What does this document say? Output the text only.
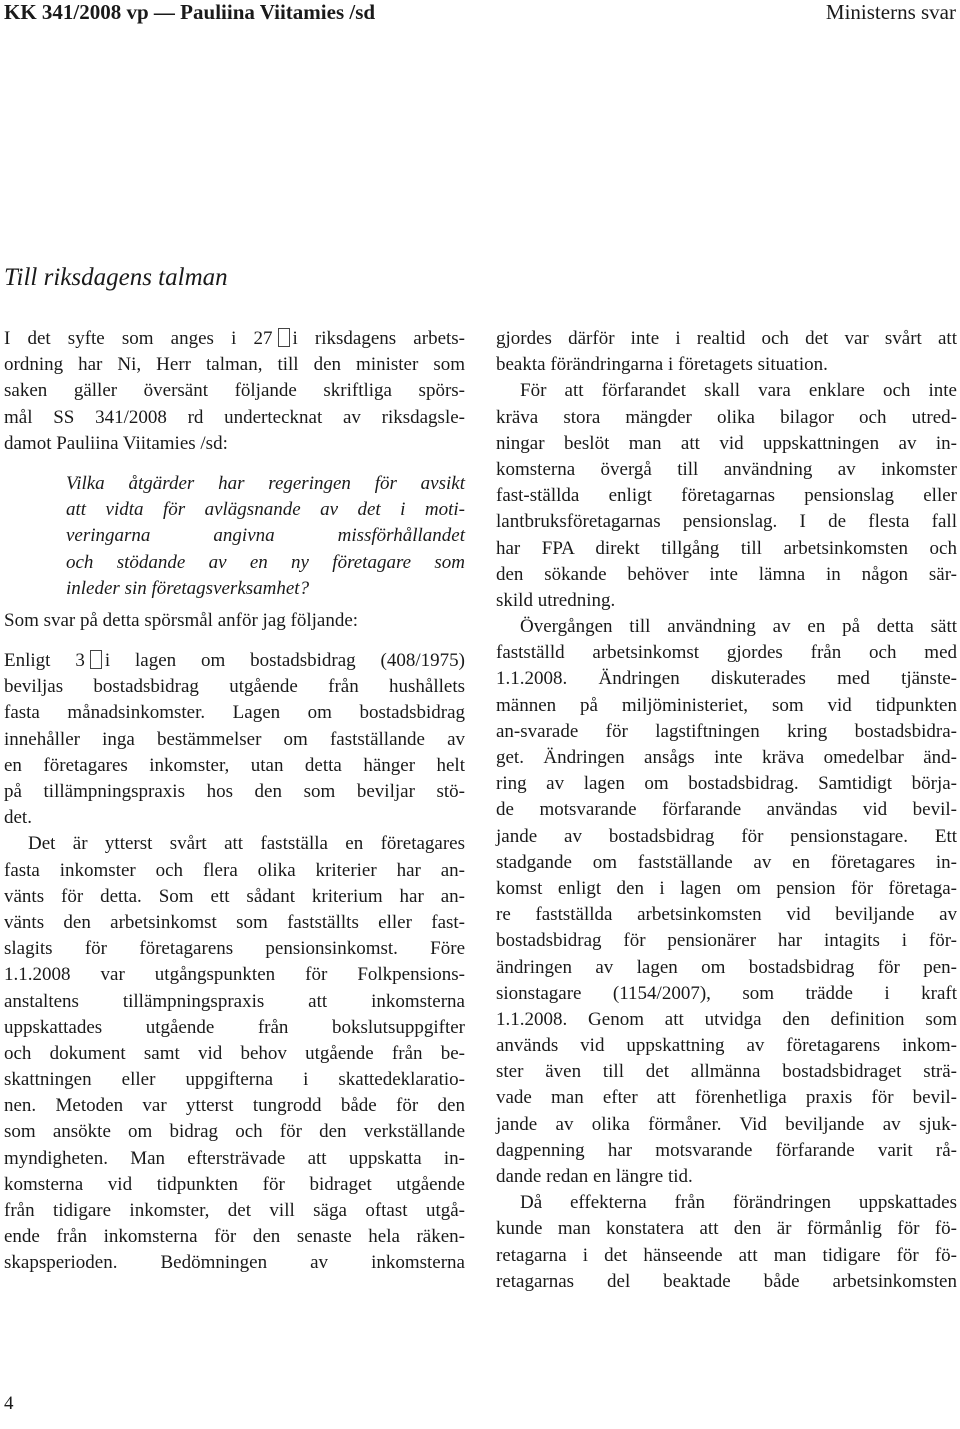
KK 341/2008 vp — Pauliina Viitamies /sd	Ministerns svar
Till riksdagens talman
I det syfte som anges i 27 i riksdagens arbets-
ordning har Ni, Herr talman, till den minister som
saken gäller översänt följande skriftliga spörs-
mål SS 341/2008 rd undertecknat av riksdagsle-
damot Pauliina Viitamies /sd:
Vilka åtgärder har regeringen för avsikt
att vidta för avlägsnande av det i moti-
veringarna angivna missförhållandet
och stödande av en ny företagare som
inleder sin företagsverksamhet?
Som svar på detta spörsmål anför jag följande:
Enligt 3 i lagen om bostadsbidrag (408/1975)
beviljas bostadsbidrag utgående från hushållets
fasta månadsinkomster. Lagen om bostadsbidrag
innehåller inga bestämmelser om fastställande av
en företagares inkomster, utan detta hänger helt
på tillämpningspraxis hos den som beviljar stö-
det.
Det är ytterst svårt att fastställa en företagares
fasta inkomster och flera olika kriterier har an-
vänts för detta. Som ett sådant kriterium har an-
vänts den arbetsinkomst som fastställts eller fast-
slagits för företagarens pensionsinkomst. Före
1.1.2008 var utgångspunkten för Folkpensions-
anstaltens tillämpningspraxis att inkomsterna
uppskattades utgående från bokslutsuppgifter
och dokument samt vid behov utgående från be-
skattningen eller uppgifterna i skattedeklaratio-
nen. Metoden var ytterst tungrodd både för den
som ansökte om bidrag och för den verkställande
myndigheten. Man eftersträvade att uppskatta in-
komsterna vid tidpunkten för bidraget utgående
från tidigare inkomster, det vill säga oftast utgå-
ende från inkomsterna för den senaste hela räken-
skapsperioden. Bedömningen av inkomsterna
gjordes därför inte i realtid och det var svårt att
beakta förändringarna i företagets situation.
För att förfarandet skall vara enklare och inte
kräva stora mängder olika bilagor och utred-
ningar beslöt man att vid uppskattningen av in-
komsterna övergå till användning av inkomster
fast-ställda enligt företagarnas pensionslag eller
lantbruksföretagarnas pensionslag. I de flesta fall
har FPA direkt tillgång till arbetsinkomsten och
den sökande behöver inte lämna in någon sär-
skild utredning.
Övergången till användning av en på detta sätt
fastställd arbetsinkomst gjordes från och med
1.1.2008. Ändringen diskuterades med tjänste-
männen på miljöministeriet, som vid tidpunkten
an-svarade för lagstiftningen kring bostadsbidra-
get. Ändringen ansågs inte kräva omedelbar änd-
ring av lagen om bostadsbidrag. Samtidigt börja-
de motsvarande förfarande användas vid bevil-
jande av bostadsbidrag för pensionstagare. Ett
stadgande om fastställande av en företagares in-
komst enligt den i lagen om pension för företaga-
re fastställda arbetsinkomsten vid beviljande av
bostadsbidrag för pensionärer har intagits i för-
ändringen av lagen om bostadsbidrag för pen-
sionstagare (1154/2007), som trädde i kraft
1.1.2008. Genom att utvidga den definition som
används vid uppskattning av företagarens inkom-
ster även till det allmänna bostadsbidraget strä-
vade man efter att förenhetliga praxis för bevil-
jande av olika förmåner. Vid beviljande av sjuk-
dagpenning har motsvarande förfarande varit rå-
dande redan en längre tid.
Då effekterna från förändringen uppskattades
kunde man konstatera att den är förmånlig för fö-
retagarna i det hänseende att man tidigare för fö-
retagarnas del beaktade både arbetsinkomsten
4
